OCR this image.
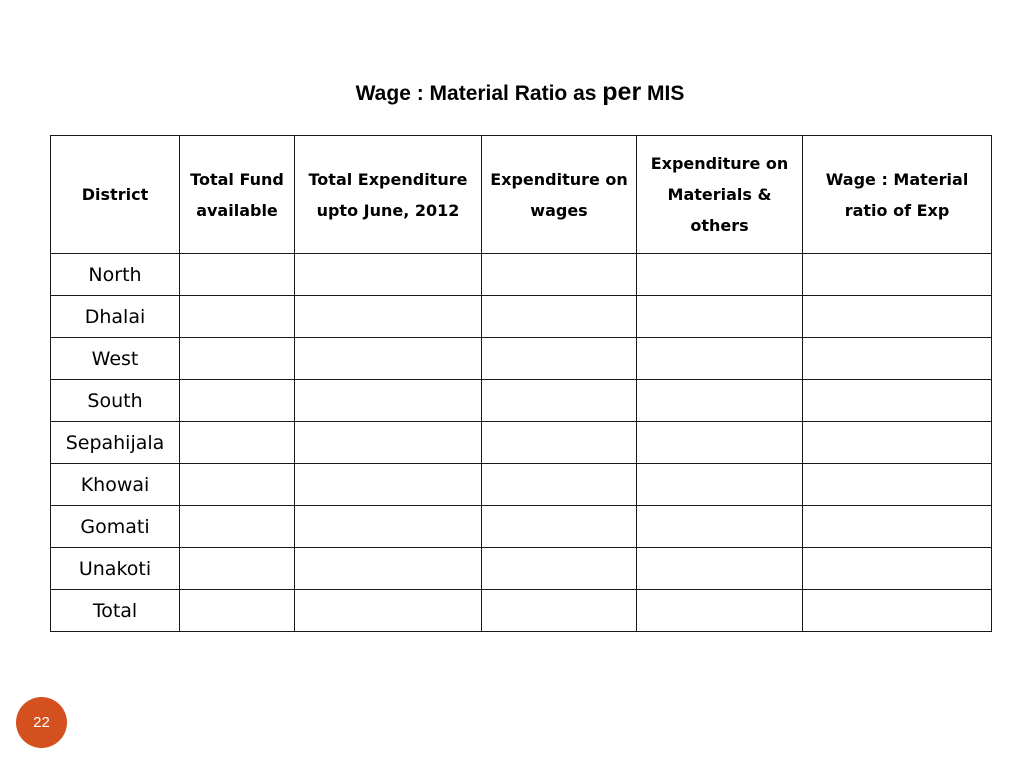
Wage : Material Ratio as per MIS
District	Total Fund available	Total Expenditure upto June, 2012	Expenditure on wages	Expenditure on Materials & others	Wage : Material ratio of Exp
North					
Dhalai					
West					
South					
Sepahijala					
Khowai					
Gomati					
Unakoti					
Total					
22
